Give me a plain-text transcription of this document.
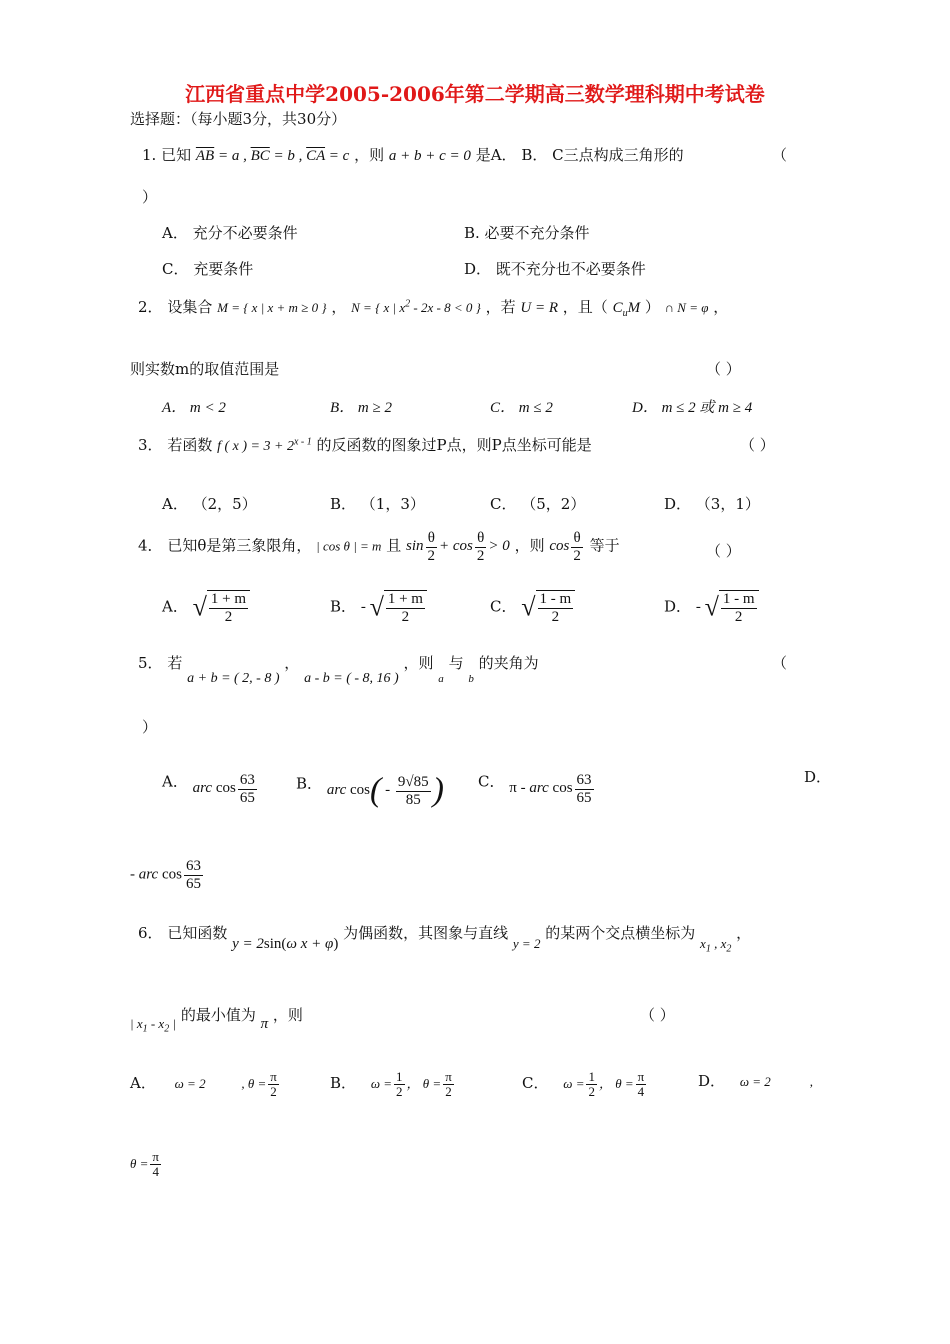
江西省重点中学2005-2006年第二学期高三数学理科期中考试卷
选择题：（每小题3分，共30分）
1. 已知 $\overline{AB} = a$ , $\overline{BC} = b$ , $\overline{CA} = c$ ，则 a + b + c = 0 是A． B． C三点构成三角形的	（
）
A． 充分不必要条件	B. 必要不充分条件
C． 充要条件	D． 既不充分也不必要条件
2． 设集合 M = { x | x + m ≥ 0 } ， N = { x | $x^2 - 2x - 8 < 0$ } ，若 U = R ，且（ $C_uM$ ） ∩ N = φ ，
则实数m的取值范围是	（ ）
A． m < 2	B． m ≥ 2	C． m ≤ 2	D． m ≤ 2 或 m ≥ 4
3． 若函数 f ( x ) = $3 + 2^{x - 1}$ 的反函数的图象过P点，则P点坐标可能是	（ ）
A． （2，5）	B． （1，3）	C． （5，2）	D． （3，1）
4． 已知θ是第三象限角， | cos θ | = m 且 $\sin \frac{\theta}{2} + \cos \frac{\theta}{2} > 0$ ，则 $\cos \frac{\theta}{2}$ 等于	（ ）
A． √ $\frac{1 + m}{2}$	B． - √ $\frac{1 + m}{2}$	C． √ $\frac{1 - m}{2}$	D． - √ $\frac{1 - m}{2}$
5． 若 a + b = ( 2, - 8 ) ， a - b = ( - 8, 16 ) ，则 $_a$ 与 $_b$ 的夹角为	（
）
A． arc $\cos \frac{63}{65}$	B． arc $\cos( - \frac{9√85}{85}$ ) C． π - arc $\cos \frac{63}{65}$	D．
- arc $\cos \frac{63}{65}$
6． 已知函数 y = 2sin(ω x + φ) 为偶函数，其图象与直线 y = 2 的某两个交点横坐标为 $x_1$ , $x_2$ ，
| $x_1 - x_2$ | 的最小值为 π ，则	（ ）
A． ω = 2           , $\theta = \frac{\pi}{2}$	B． $\omega = \frac{1}{2}$ ， $\theta = \frac{\pi}{2}$	C． $\omega = \frac{1}{2}$ ， $\theta = \frac{\pi}{4}$	D． ω = 2            ,
$\theta = \frac{\pi}{4}$
